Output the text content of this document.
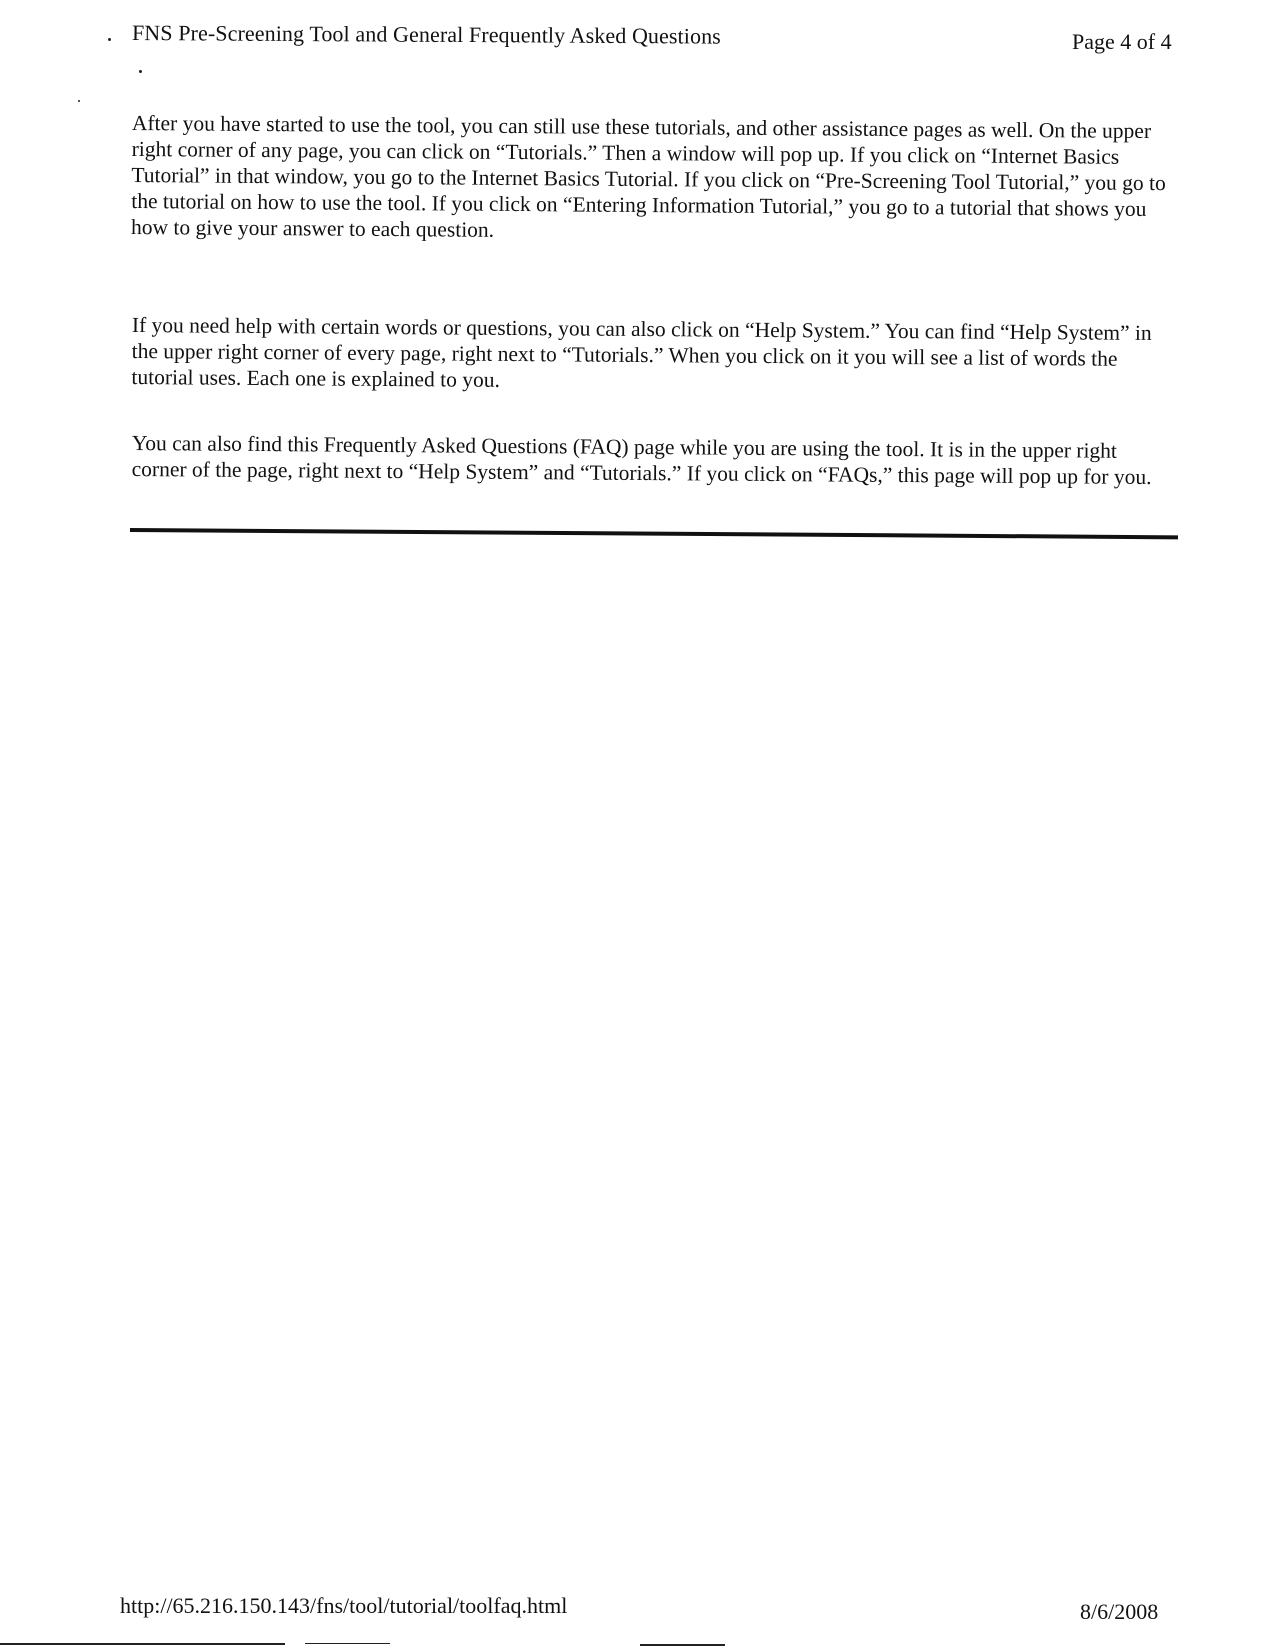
FNS Pre-Screening Tool and General Frequently Asked Questions	Page 4 of 4

After you have started to use the tool, you can still use these tutorials, and other assistance pages as well. On the upper right corner of any page, you can click on “Tutorials.” Then a window will pop up. If you click on “Internet Basics Tutorial” in that window, you go to the Internet Basics Tutorial. If you click on “Pre-Screening Tool Tutorial,” you go to the tutorial on how to use the tool. If you click on “Entering Information Tutorial,” you go to a tutorial that shows you how to give your answer to each question.

If you need help with certain words or questions, you can also click on “Help System.” You can find “Help System” in the upper right corner of every page, right next to “Tutorials.” When you click on it you will see a list of words the tutorial uses. Each one is explained to you.

You can also find this Frequently Asked Questions (FAQ) page while you are using the tool. It is in the upper right corner of the page, right next to “Help System” and “Tutorials.” If you click on “FAQs,” this page will pop up for you.

http://65.216.150.143/fns/tool/tutorial/toolfaq.html	8/6/2008
